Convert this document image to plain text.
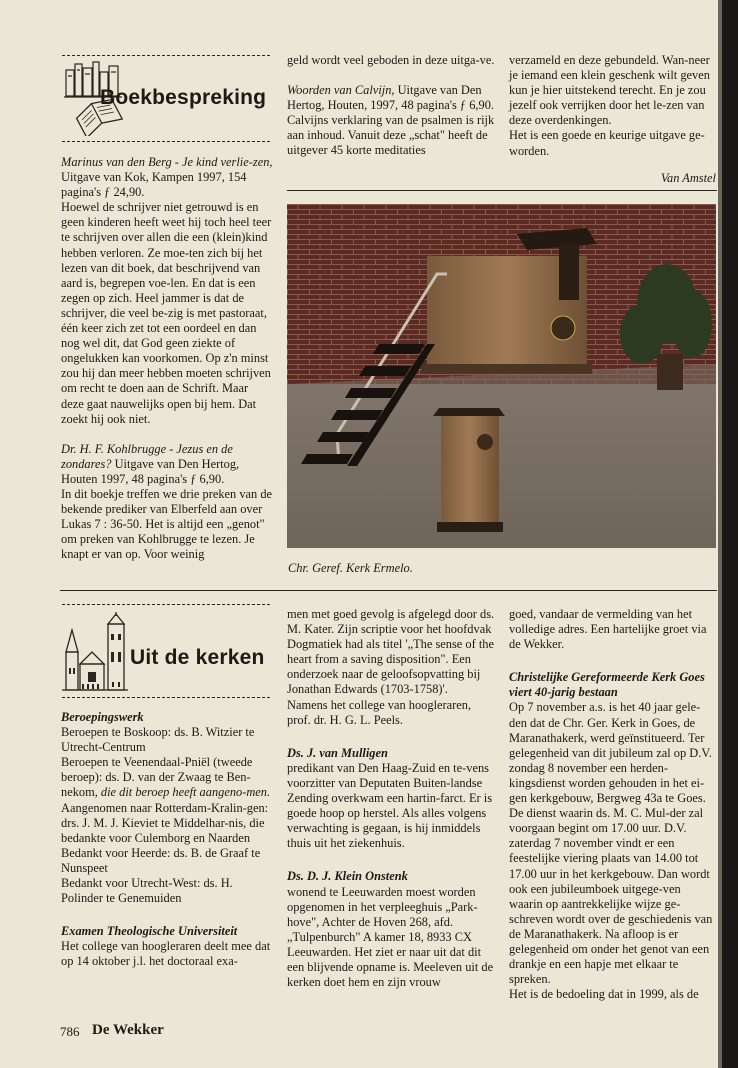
Boekbespreking

Marinus van den Berg - Je kind verlie-zen, Uitgave van Kok, Kampen 1997, 154 pagina's ƒ 24,90.

Hoewel de schrijver niet getrouwd is en geen kinderen heeft weet hij toch heel teer te schrijven over allen die een (klein)kind hebben verloren. Ze moe-ten zich bij het lezen van dit boek, dat beschrijvend van aard is, begrepen voe-len. En dat is een zegen op zich. Heel jammer is dat de schrijver, die veel be-zig is met pastoraat, één keer zich zet tot een oordeel en dan nog wel dit, dat God geen ziekte of ongelukken kan voorkomen. Op z'n minst zou hij dan meer hebben moeten schrijven om recht te doen aan de Schrift. Maar deze gaat nauwelijks open bij hem. Dat zoekt hij ook niet.

Dr. H. F. Kohlbrugge - Jezus en de zondares? Uitgave van Den Hertog, Houten 1997, 48 pagina's ƒ 6,90.

In dit boekje treffen we drie preken van de bekende prediker van Elberfeld aan over Lukas 7 : 36-50. Het is altijd een „genot" om preken van Kohlbrugge te lezen. Je knapt er van op. Voor weinig

geld wordt veel geboden in deze uitga-ve.

Woorden van Calvijn, Uitgave van Den Hertog, Houten, 1997, 48 pagina's ƒ 6,90.

Calvijns verklaring van de psalmen is rijk aan inhoud. Vanuit deze „schat" heeft de uitgever 45 korte meditaties

verzameld en deze gebundeld. Wan-neer je iemand een klein geschenk wilt geven kun je hier uitstekend terecht. En je zou jezelf ook verrijken door het le-zen van deze overdenkingen.

Het is een goede en keurige uitgave ge-worden.

Van Amstel

Chr. Geref. Kerk Ermelo.
Uit de kerken

Beroepingswerk

Beroepen te Boskoop: ds. B. Witzier te Utrecht-Centrum

Beroepen te Veenendaal-Pniël (tweede beroep): ds. D. van der Zwaag te Ben-nekom, die dit beroep heeft aangeno-men.

Aangenomen naar Rotterdam-Kralin-gen: drs. J. M. J. Kieviet te Middelhar-nis, die bedankte voor Culemborg en Naarden

Bedankt voor Heerde: ds. B. de Graaf te Nunspeet

Bedankt voor Utrecht-West: ds. H. Polinder te Genemuiden

Examen Theologische Universiteit

Het college van hoogleraren deelt mee dat op 14 oktober j.l. het doctoraal exa-

men met goed gevolg is afgelegd door ds. M. Kater. Zijn scriptie voor het hoofdvak Dogmatiek had als titel '„The sense of the heart from a saving disposition". Een onderzoek naar de geloofsopvatting bij Jonathan Edwards (1703-1758)'.

Namens het college van hoogleraren, prof. dr. H. G. L. Peels.

Ds. J. van Mulligen

predikant van Den Haag-Zuid en te-vens voorzitter van Deputaten Buiten-landse Zending overkwam een hartin-farct. Er is goede hoop op herstel. Als alles volgens verwachting is gegaan, is hij inmiddels thuis uit het ziekenhuis.

Ds. D. J. Klein Onstenk

wonend te Leeuwarden moest worden opgenomen in het verpleeghuis „Park-hove", Achter de Hoven 268, afd. „Tulpenburch" A kamer 18, 8933 CX Leeuwarden. Het ziet er naar uit dat dit een blijvende opname is. Meeleven uit de kerken doet hem en zijn vrouw

goed, vandaar de vermelding van het volledige adres. Een hartelijke groet via de Wekker.

Christelijke Gereformeerde Kerk Goes viert 40-jarig bestaan

Op 7 november a.s. is het 40 jaar gele-den dat de Chr. Ger. Kerk in Goes, de Maranathakerk, werd geïnstitueerd. Ter gelegenheid van dit jubileum zal op D.V. zondag 8 november een herden-kingsdienst worden gehouden in het ei-gen kerkgebouw, Bergweg 43a te Goes. De dienst waarin ds. M. C. Mul-der zal voorgaan begint om 17.00 uur. D.V. zaterdag 7 november vindt er een feestelijke viering plaats van 14.00 tot 17.00 uur in het kerkgebouw. Dan wordt ook een jubileumboek uitgege-ven waarin op aantrekkelijke wijze ge-schreven wordt over de geschiedenis van de Maranathakerk. Na afloop is er gelegenheid om onder het genot van een drankje en een hapje met elkaar te spreken.

Het is de bedoeling dat in 1999, als de

786 De Wekker
